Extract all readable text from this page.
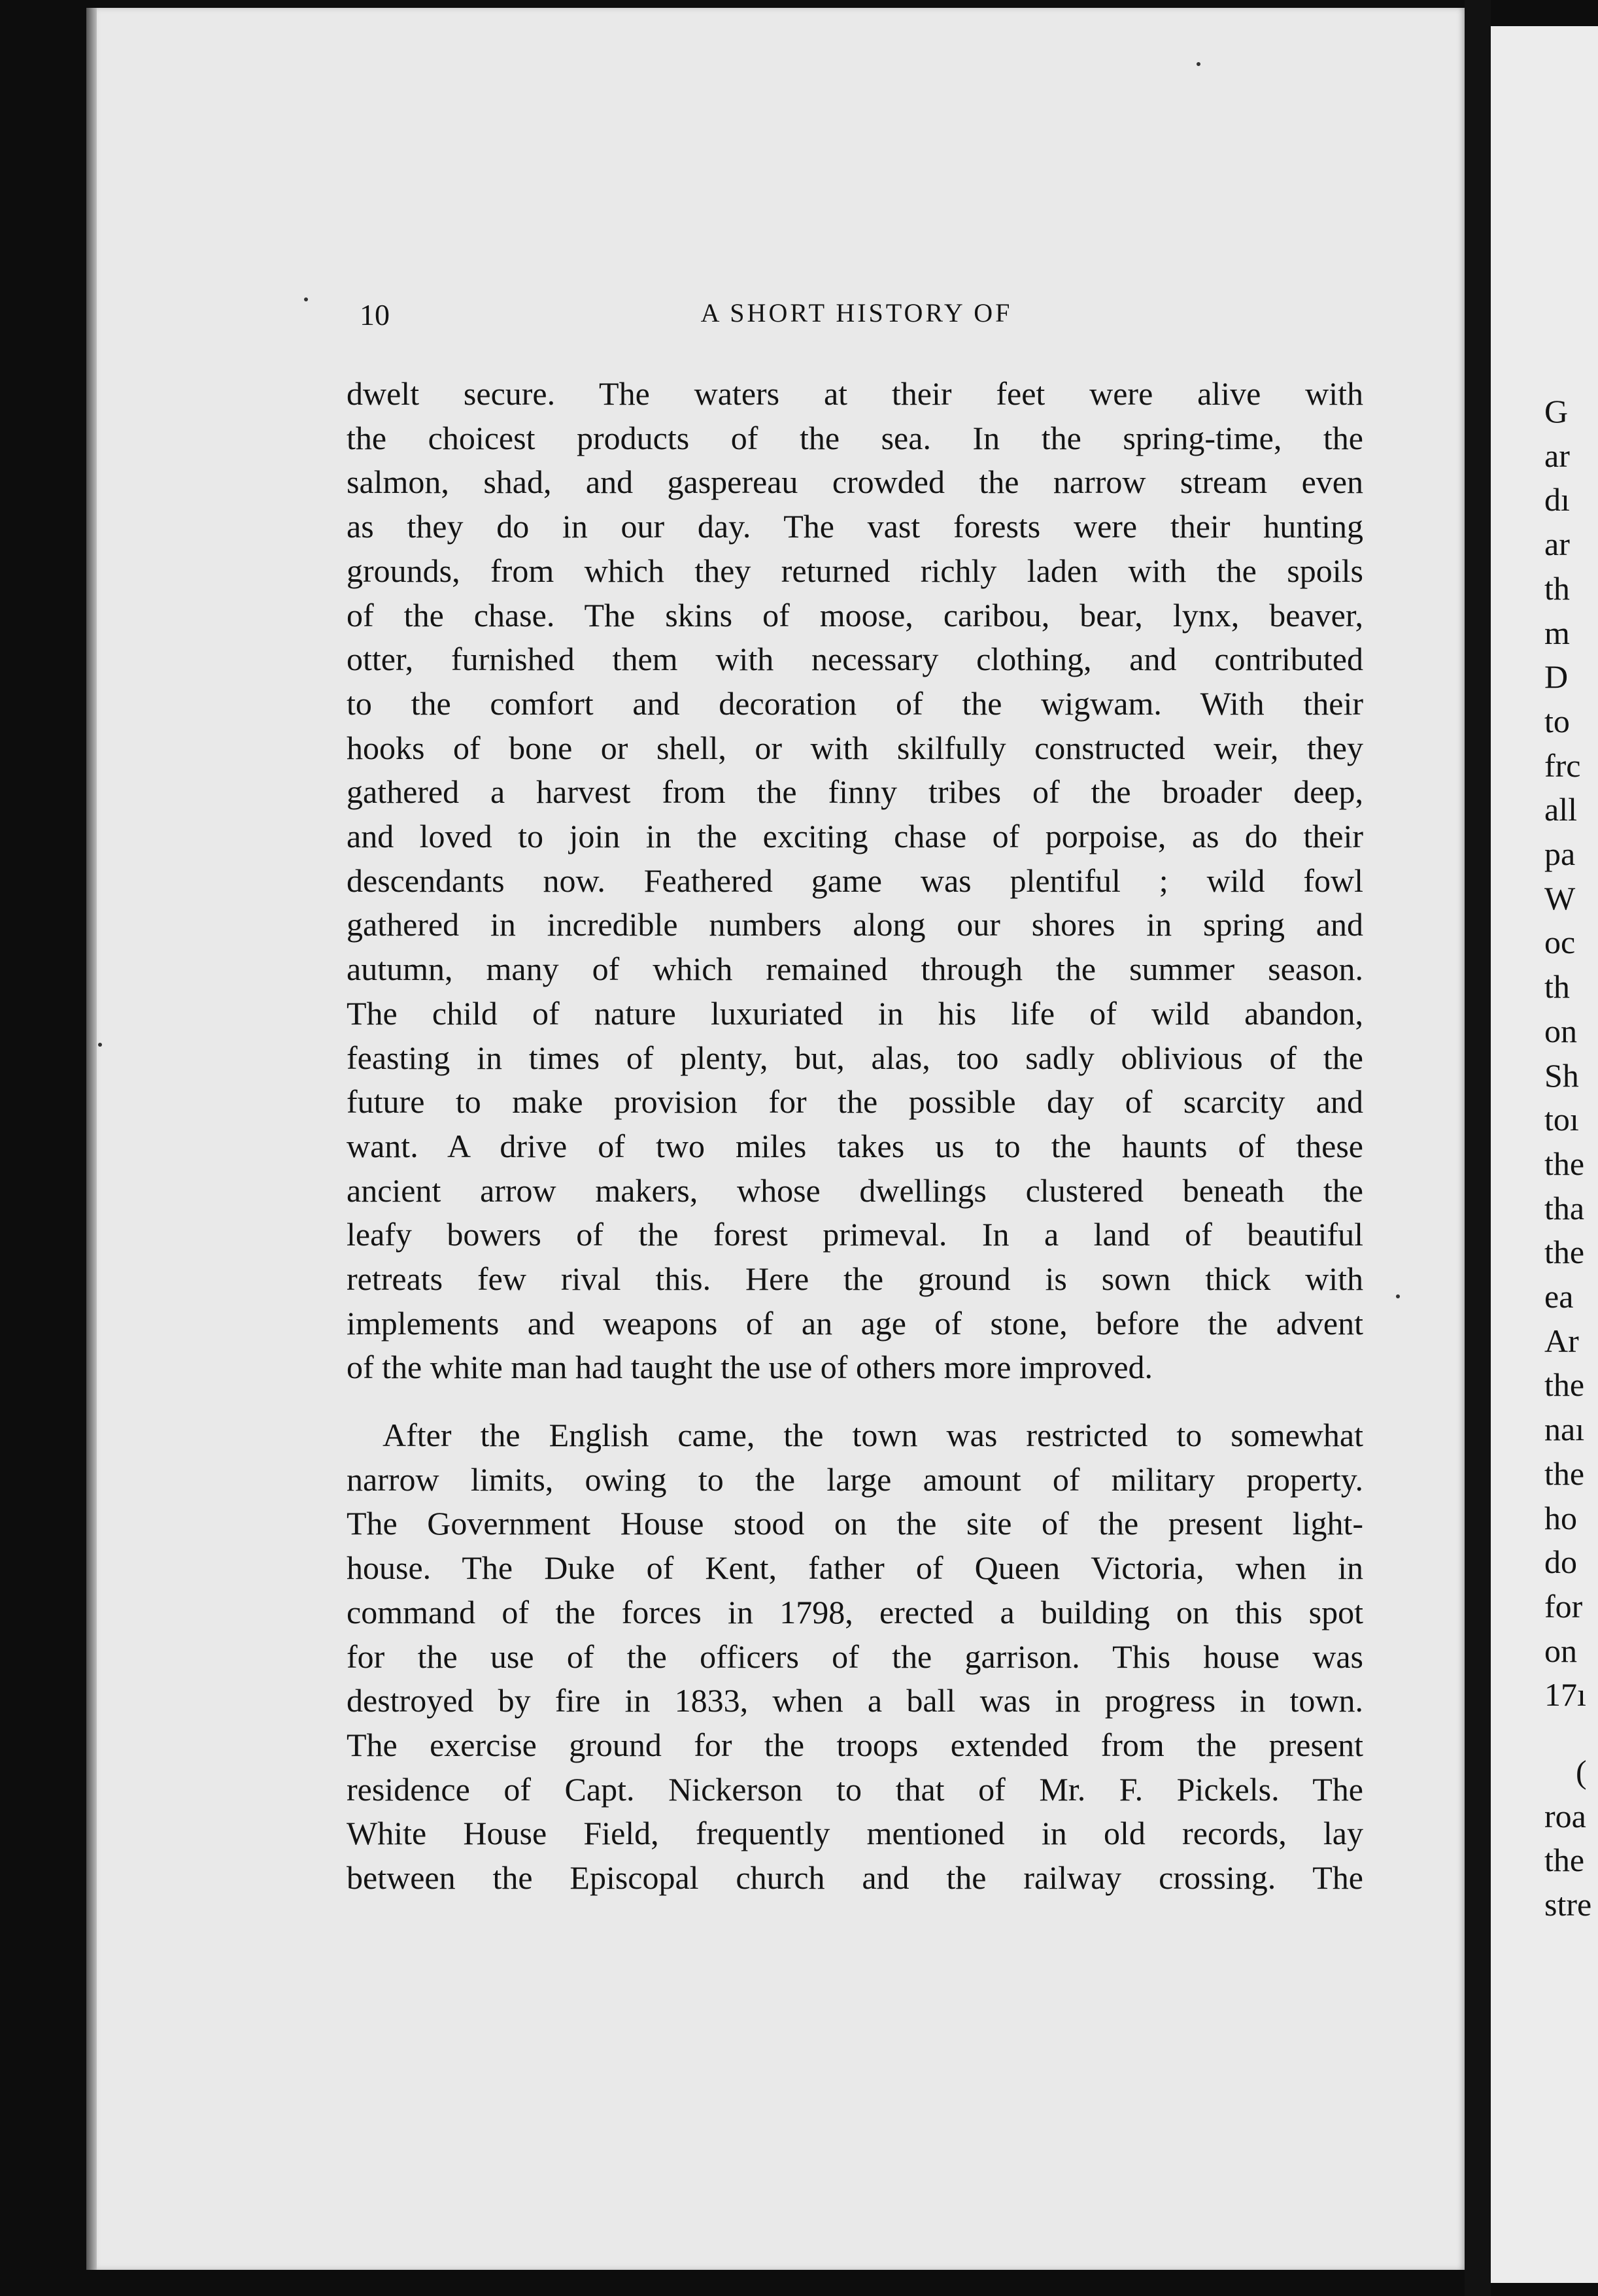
G
ar
dı
ar
th
m
D
to
frc
all
pa
W
oc
th
on
Sh
toı
the
tha
the
ea
Ar
the
naı
the
ho
do
for
on
17ı
(
roa
the
stre
10	A SHORT HISTORY OF
dwelt secure. The waters at their feet were alive with
the choicest products of the sea. In the spring-time, the
salmon, shad, and gaspereau crowded the narrow stream even
as they do in our day. The vast forests were their hunting
grounds, from which they returned richly laden with the spoils
of the chase. The skins of moose, caribou, bear, lynx, beaver,
otter, furnished them with necessary clothing, and contributed
to the comfort and decoration of the wigwam. With their
hooks of bone or shell, or with skilfully constructed weir, they
gathered a harvest from the finny tribes of the broader deep,
and loved to join in the exciting chase of porpoise, as do their
descendants now. Feathered game was plentiful ; wild fowl
gathered in incredible numbers along our shores in spring and
autumn, many of which remained through the summer season.
The child of nature luxuriated in his life of wild abandon,
feasting in times of plenty, but, alas, too sadly oblivious of the
future to make provision for the possible day of scarcity and
want. A drive of two miles takes us to the haunts of these
ancient arrow makers, whose dwellings clustered beneath the
leafy bowers of the forest primeval. In a land of beautiful
retreats few rival this. Here the ground is sown thick with
implements and weapons of an age of stone, before the advent
of the white man had taught the use of others more improved.
After the English came, the town was restricted to somewhat
narrow limits, owing to the large amount of military property.
The Government House stood on the site of the present light-
house. The Duke of Kent, father of Queen Victoria, when in
command of the forces in 1798, erected a building on this spot
for the use of the officers of the garrison. This house was
destroyed by fire in 1833, when a ball was in progress in town.
The exercise ground for the troops extended from the present
residence of Capt. Nickerson to that of Mr. F. Pickels. The
White House Field, frequently mentioned in old records, lay
between the Episcopal church and the railway crossing. The
